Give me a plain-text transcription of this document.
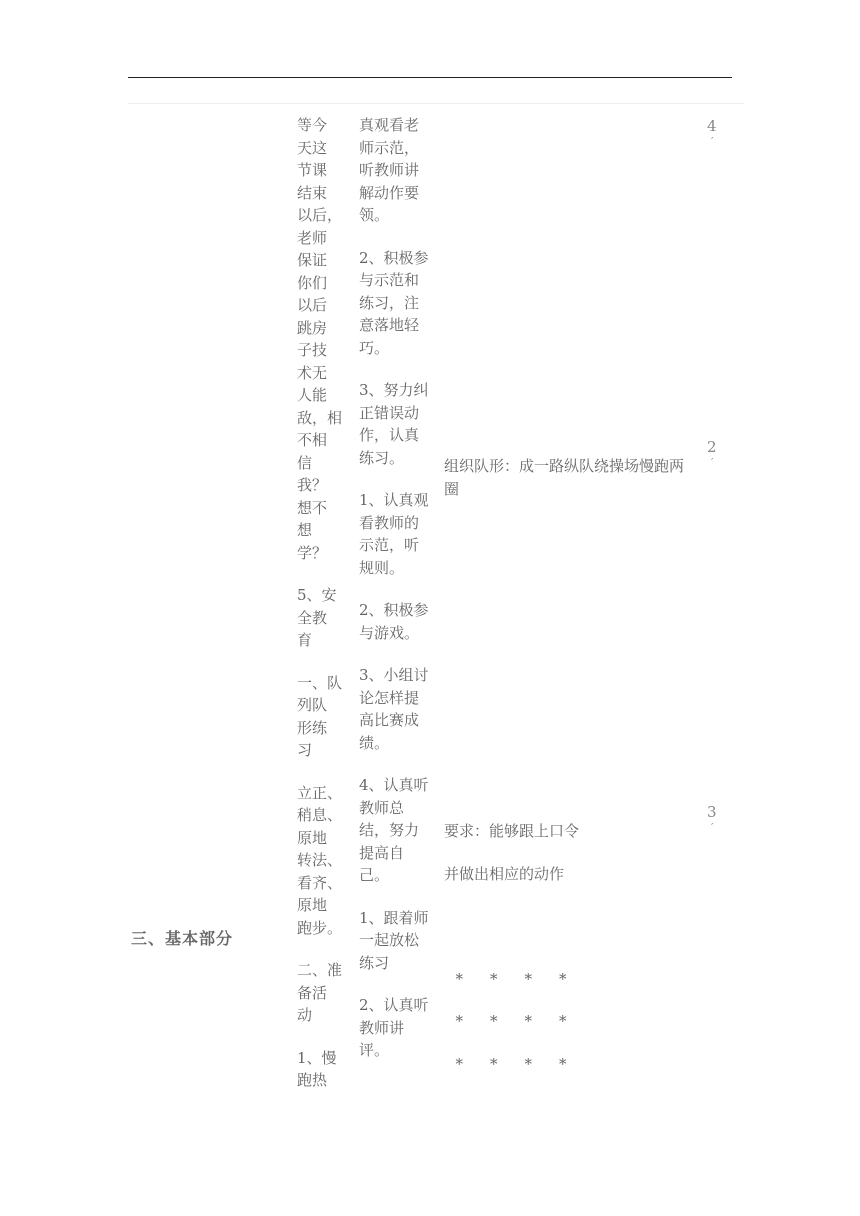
三、基本部分
等今
天这
节课
结束
以后，
老师
保证
你们
以后
跳房
子技
术无
人能
敌，相
不相
信
我？
想不
想
学？
5、安
全教
育
一、队
列队
形练
习
立正、
稍息、
原地
转法、
看齐、
原地
跑步。
二、准
备活
动
1、慢
跑热
真观看老
师示范，
听教师讲
解动作要
领。
2、积极参
与示范和
练习，注
意落地轻
巧。
3、努力纠
正错误动
作，认真
练习。
1、认真观
看教师的
示范，听
规则。
2、积极参
与游戏。
3、小组讨
论怎样提
高比赛成
绩。
4、认真听
教师总
结，努力
提高自
己。
1、跟着师
一起放松
练习
2、认真听
教师讲
评。
组织队形：成一路纵队绕操场慢跑两圈
要求：能够跟上口令
并做出相应的动作

* * * *

* * * *

* * * *

4
′
2
′
3
′
